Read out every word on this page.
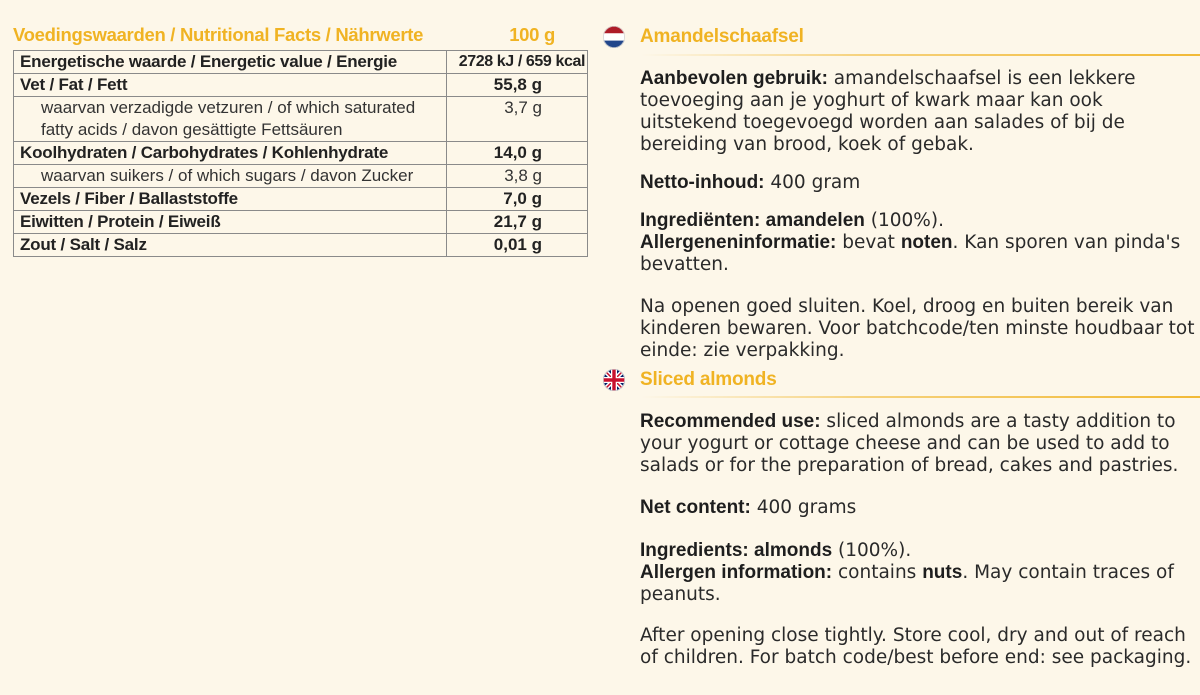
Voedingswaarden / Nutritional Facts / Nährwerte	100 g
Energetische waarde / Energetic value / Energie	2728 kJ / 659 kcal
Vet / Fat / Fett	55,8 g
waarvan verzadigde vetzuren / of which saturated fatty acids / davon gesättigte Fettsäuren	3,7 g
Koolhydraten / Carbohydrates / Kohlenhydrate	14,0 g
waarvan suikers / of which sugars / davon Zucker	3,8 g
Vezels / Fiber / Ballaststoffe	7,0 g
Eiwitten / Protein / Eiweiß	21,7 g
Zout / Salt / Salz	0,01 g
Amandelschaafsel

Aanbevolen gebruik: amandelschaafsel is een lekkere toevoeging aan je yoghurt of kwark maar kan ook uitstekend toegevoegd worden aan salades of bij de bereiding van brood, koek of gebak.

Netto-inhoud: 400 gram

Ingrediënten: amandelen (100%).
Allergeneninformatie: bevat noten. Kan sporen van pinda's bevatten.

Na openen goed sluiten. Koel, droog en buiten bereik van kinderen bewaren. Voor batchcode/ten minste houdbaar tot einde: zie verpakking.

Sliced almonds

Recommended use: sliced almonds are a tasty addition to your yogurt or cottage cheese and can be used to add to salads or for the preparation of bread, cakes and pastries.

Net content: 400 grams

Ingredients: almonds (100%).
Allergen information: contains nuts. May contain traces of peanuts.

After opening close tightly. Store cool, dry and out of reach of children. For batch code/best before end: see packaging.
